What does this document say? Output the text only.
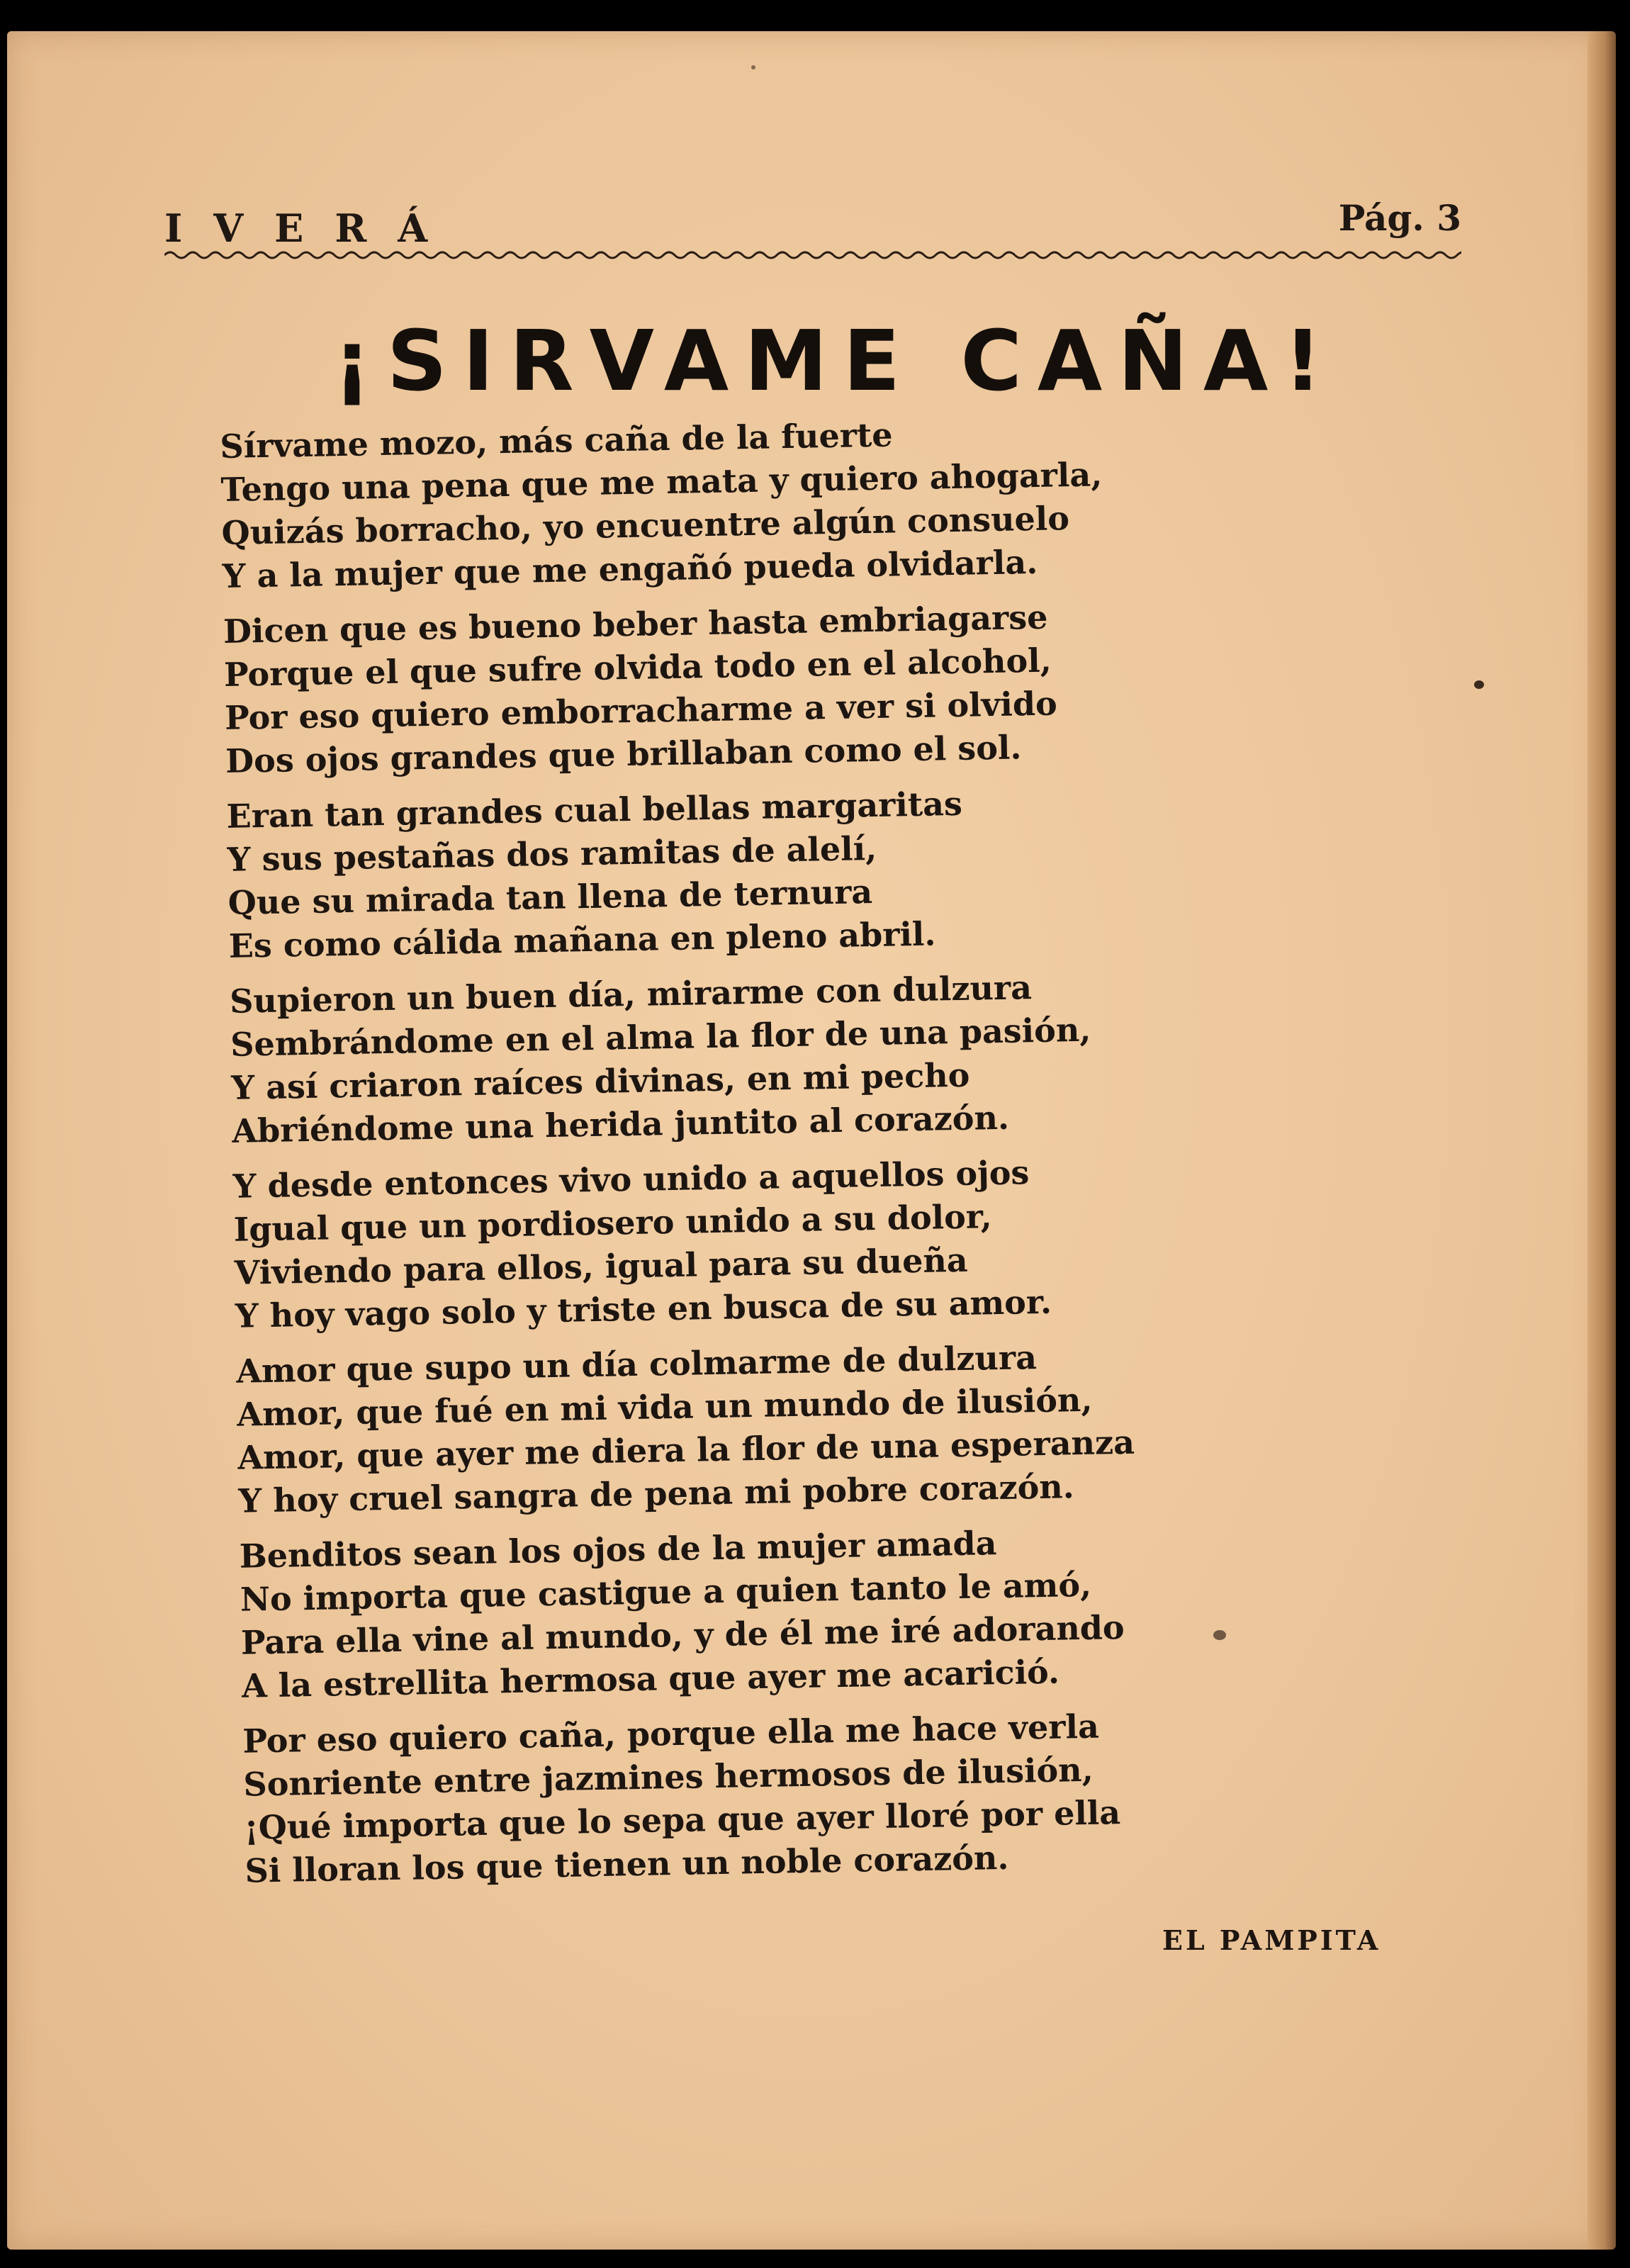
IVERÁ	Pág. 3
¡SIRVAME CAÑA!
Sírvame mozo, más caña de la fuerte
Tengo una pena que me mata y quiero ahogarla,
Quizás borracho, yo encuentre algún consuelo
Y a la mujer que me engañó pueda olvidarla.
Dicen que es bueno beber hasta embriagarse
Porque el que sufre olvida todo en el alcohol,
Por eso quiero emborracharme a ver si olvido
Dos ojos grandes que brillaban como el sol.
Eran tan grandes cual bellas margaritas
Y sus pestañas dos ramitas de alelí,
Que su mirada tan llena de ternura
Es como cálida mañana en pleno abril.
Supieron un buen día, mirarme con dulzura
Sembrándome en el alma la flor de una pasión,
Y así criaron raíces divinas, en mi pecho
Abriéndome una herida juntito al corazón.
Y desde entonces vivo unido a aquellos ojos
Igual que un pordiosero unido a su dolor,
Viviendo para ellos, igual para su dueña
Y hoy vago solo y triste en busca de su amor.
Amor que supo un día colmarme de dulzura
Amor, que fué en mi vida un mundo de ilusión,
Amor, que ayer me diera la flor de una esperanza
Y hoy cruel sangra de pena mi pobre corazón.
Benditos sean los ojos de la mujer amada
No importa que castigue a quien tanto le amó,
Para ella vine al mundo, y de él me iré adorando
A la estrellita hermosa que ayer me acarició.
Por eso quiero caña, porque ella me hace verla
Sonriente entre jazmines hermosos de ilusión,
¡Qué importa que lo sepa que ayer lloré por ella
Si lloran los que tienen un noble corazón.
EL PAMPITA
